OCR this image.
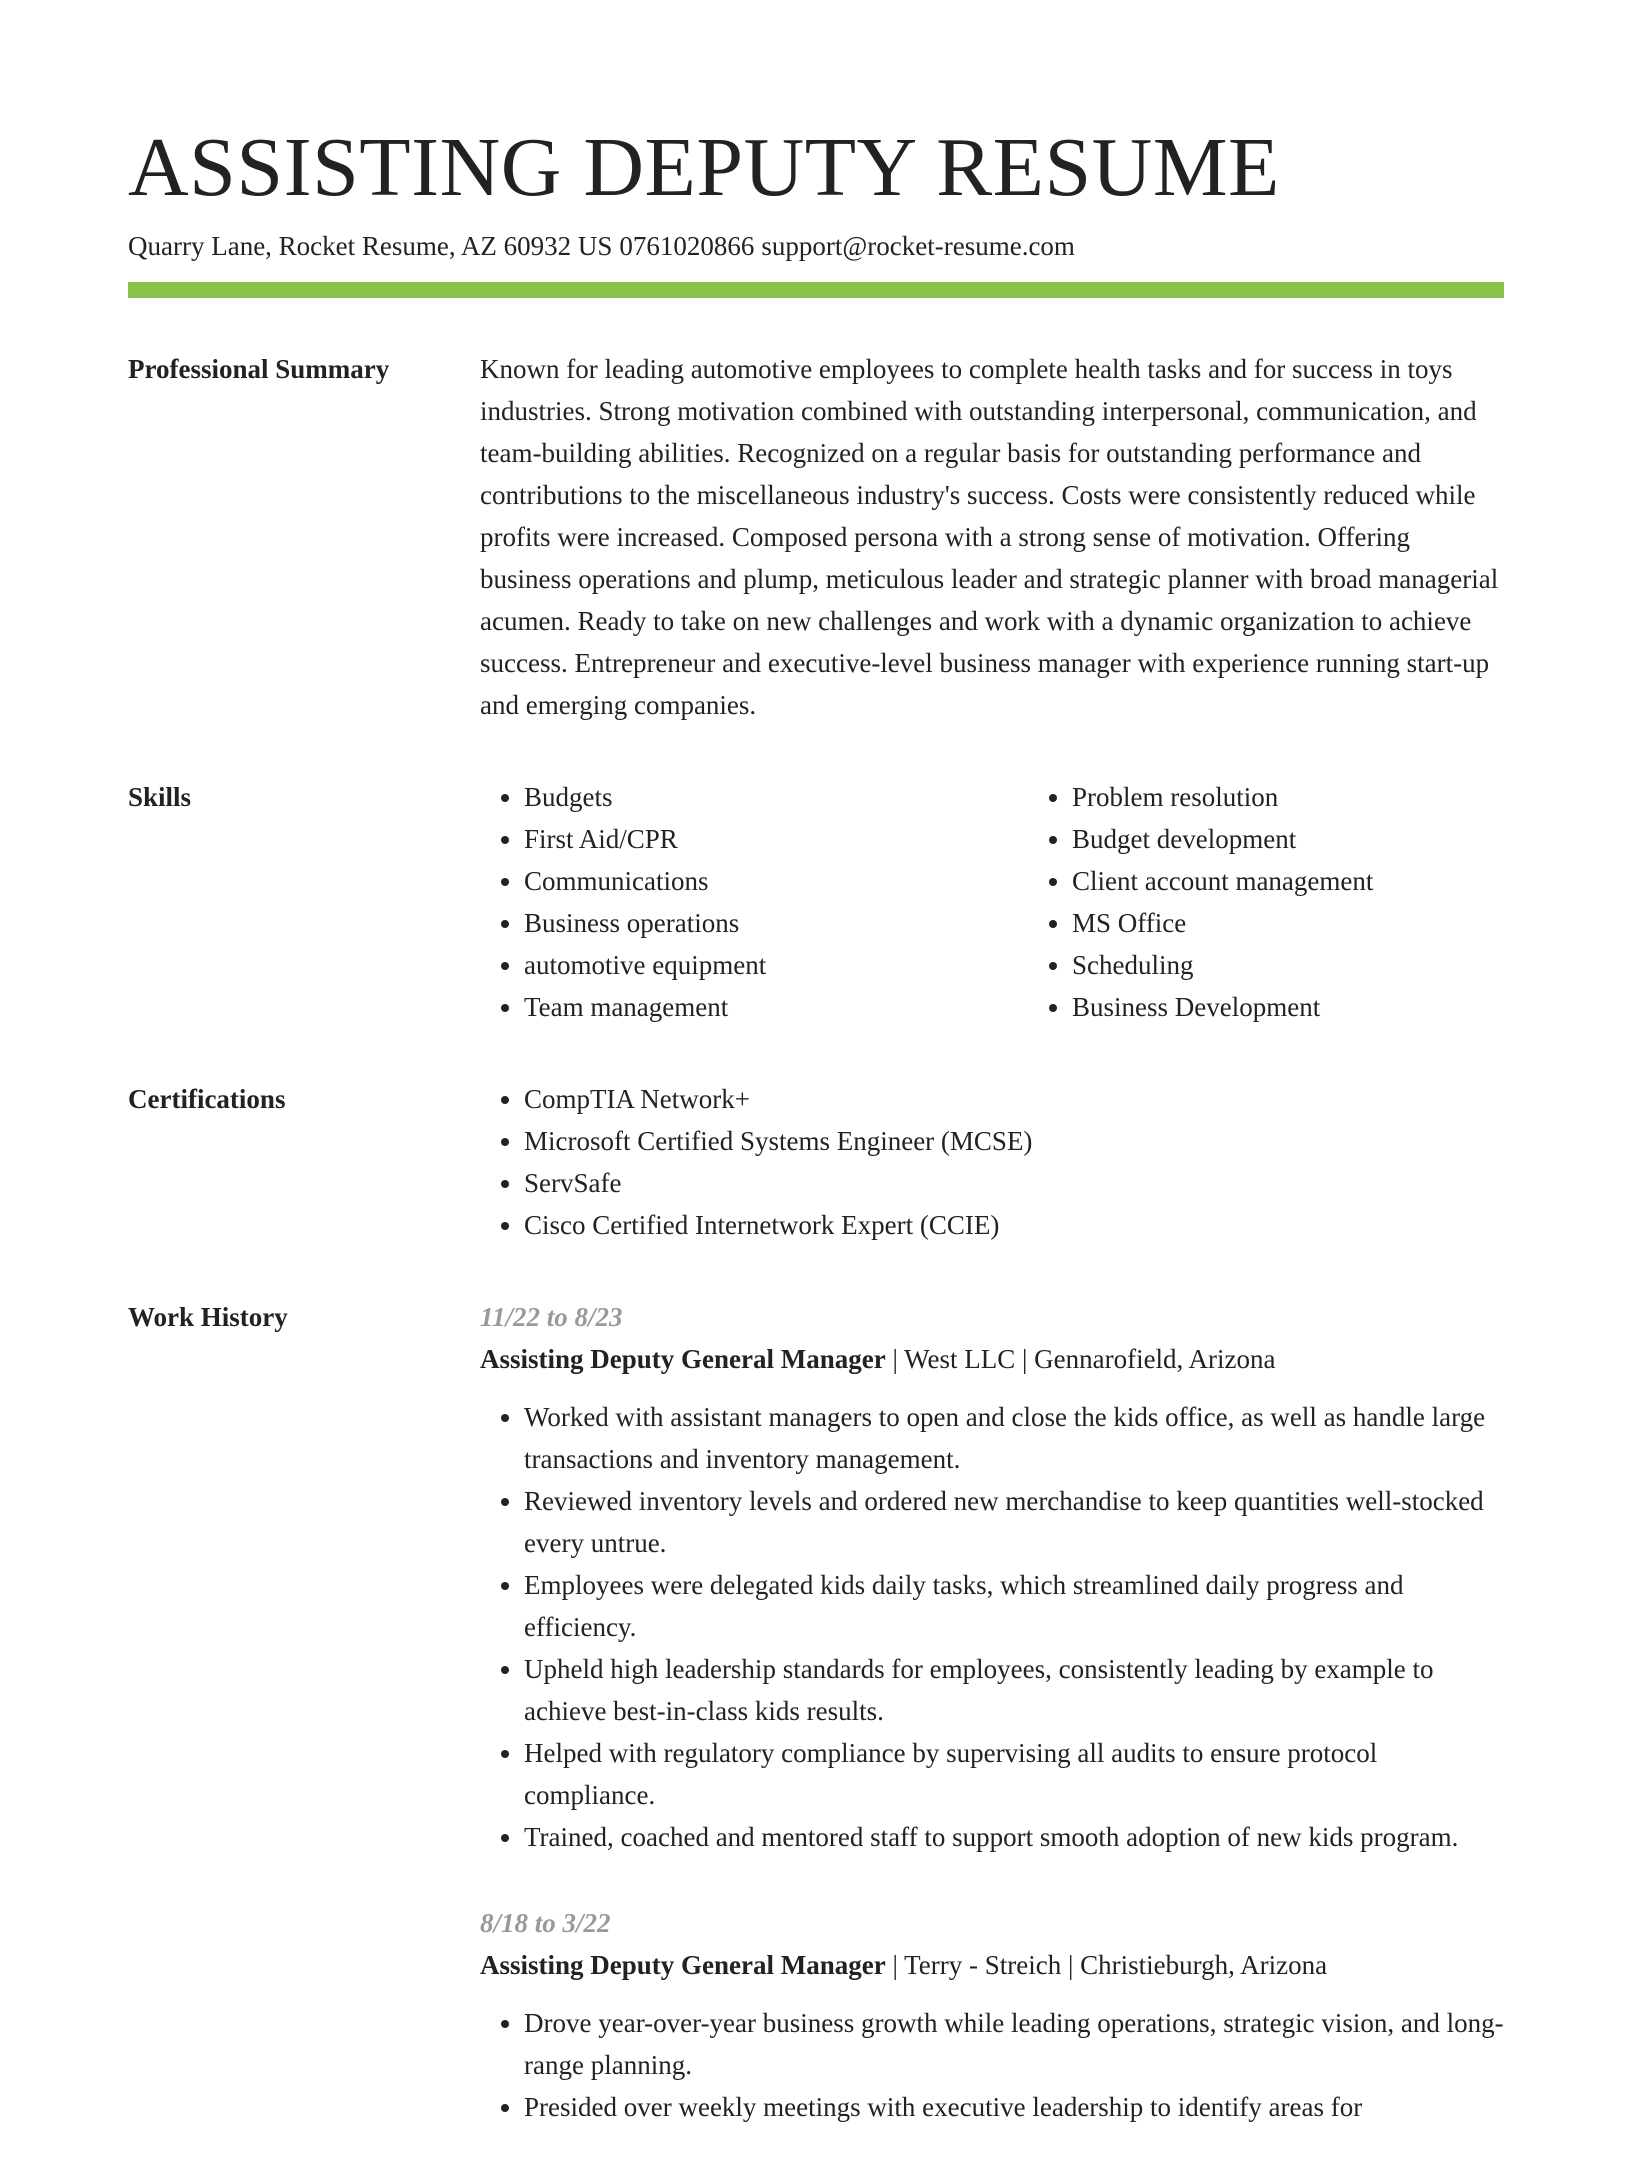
ASSISTING DEPUTY RESUME
Quarry Lane, Rocket Resume, AZ 60932 US 0761020866 support@rocket-resume.com
Professional Summary	Known for leading automotive employees to complete health tasks and for success in toys industries. Strong motivation combined with outstanding interpersonal, communication, and team-building abilities. Recognized on a regular basis for outstanding performance and contributions to the miscellaneous industry's success. Costs were consistently reduced while profits were increased. Composed persona with a strong sense of motivation. Offering business operations and plump, meticulous leader and strategic planner with broad managerial acumen. Ready to take on new challenges and work with a dynamic organization to achieve success. Entrepreneur and executive-level business manager with experience running start-up and emerging companies.

Skills	• Budgets
• First Aid/CPR
• Communications
• Business operations
• automotive equipment
• Team management
• Problem resolution
• Budget development
• Client account management
• MS Office
• Scheduling
• Business Development
Certifications	• CompTIA Network+
• Microsoft Certified Systems Engineer (MCSE)
• ServSafe
• Cisco Certified Internetwork Expert (CCIE)
Work History	11/22 to 8/23
Assisting Deputy General Manager | West LLC | Gennarofield, Arizona
• Worked with assistant managers to open and close the kids office, as well as handle large transactions and inventory management.
• Reviewed inventory levels and ordered new merchandise to keep quantities well-stocked every untrue.
• Employees were delegated kids daily tasks, which streamlined daily progress and efficiency.
• Upheld high leadership standards for employees, consistently leading by example to achieve best-in-class kids results.
• Helped with regulatory compliance by supervising all audits to ensure protocol compliance.
• Trained, coached and mentored staff to support smooth adoption of new kids program.
8/18 to 3/22
Assisting Deputy General Manager | Terry - Streich | Christieburgh, Arizona
• Drove year-over-year business growth while leading operations, strategic vision, and long-range planning.
• Presided over weekly meetings with executive leadership to identify areas for
